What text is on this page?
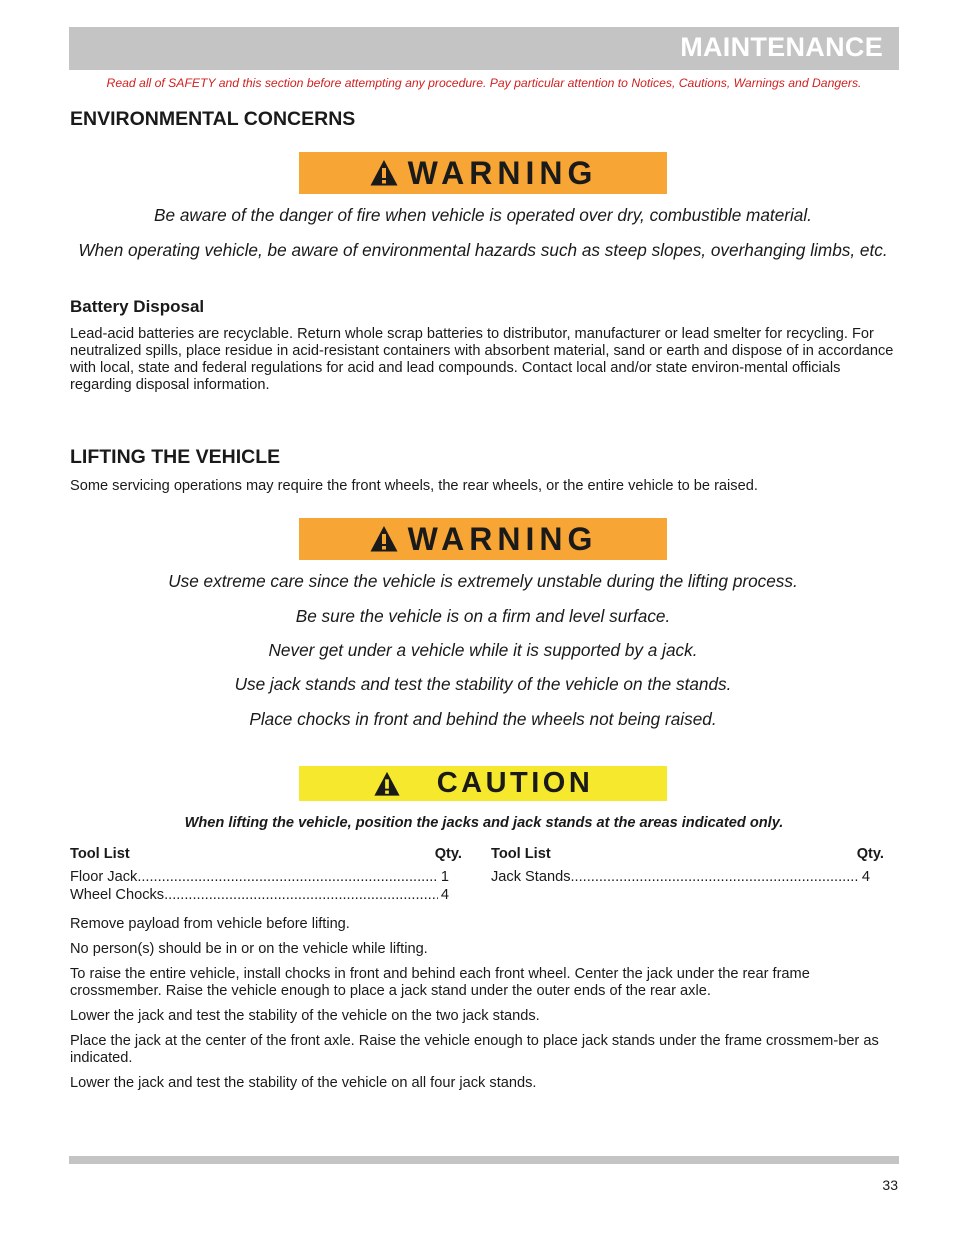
MAINTENANCE
Read all of SAFETY and this section before attempting any procedure. Pay particular attention to Notices, Cautions, Warnings and Dangers.
ENVIRONMENTAL CONCERNS
WARNING
Be aware of the danger of fire when vehicle is operated over dry, combustible material.
When operating vehicle, be aware of environmental hazards such as steep slopes, overhanging limbs, etc.
Battery Disposal
Lead-acid batteries are recyclable. Return whole scrap batteries to distributor, manufacturer or lead smelter for recycling. For neutralized spills, place residue in acid-resistant containers with absorbent material, sand or earth and dispose of in accordance with local, state and federal regulations for acid and lead compounds. Contact local and/or state environ-mental officials regarding disposal information.
LIFTING THE VEHICLE
Some servicing operations may require the front wheels, the rear wheels, or the entire vehicle to be raised.
WARNING
Use extreme care since the vehicle is extremely unstable during the lifting process.
Be sure the vehicle is on a firm and level surface.
Never get under a vehicle while it is supported by a jack.
Use jack stands and test the stability of the vehicle on the stands.
Place chocks in front and behind the wheels not being raised.
CAUTION
When lifting the vehicle, position the jacks and jack stands at the areas indicated only.
Tool List	Qty.
Floor Jack .....	1
Wheel Chocks .....	4
Tool List	Qty.
Jack Stands .....	4
Remove payload from vehicle before lifting.
No person(s) should be in or on the vehicle while lifting.
To raise the entire vehicle, install chocks in front and behind each front wheel. Center the jack under the rear frame crossmember. Raise the vehicle enough to place a jack stand under the outer ends of the rear axle.
Lower the jack and test the stability of the vehicle on the two jack stands.
Place the jack at the center of the front axle. Raise the vehicle enough to place jack stands under the frame crossmem-ber as indicated.
Lower the jack and test the stability of the vehicle on all four jack stands.
33
